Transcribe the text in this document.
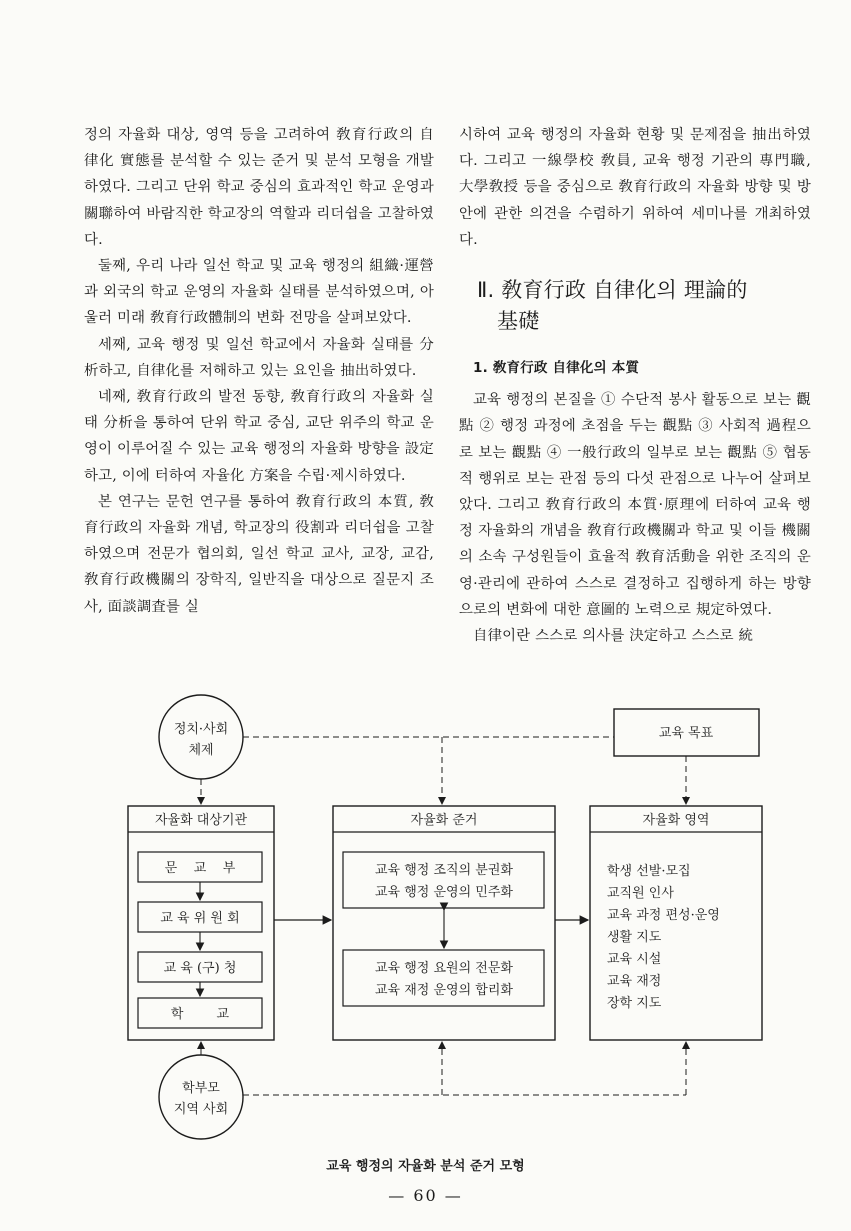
정의 자율화 대상, 영역 등을 고려하여 敎育行政의 自律化 實態를 분석할 수 있는 준거 및 분석 모형을 개발하였다. 그리고 단위 학교 중심의 효과적인 학교 운영과 關聯하여 바람직한 학교장의 역할과 리더쉽을 고찰하였다.

둘째, 우리 나라 일선 학교 및 교육 행정의 組織·運營과 외국의 학교 운영의 자율화 실태를 분석하였으며, 아울러 미래 敎育行政體制의 변화 전망을 살펴보았다.

세째, 교육 행정 및 일선 학교에서 자율화 실태를 分析하고, 自律化를 저해하고 있는 요인을 抽出하였다.

네째, 敎育行政의 발전 동향, 敎育行政의 자율화 실태 分析을 통하여 단위 학교 중심, 교단 위주의 학교 운영이 이루어질 수 있는 교육 행정의 자율화 방향을 設定하고, 이에 터하여 자율化 方案을 수립·제시하였다.

본 연구는 문헌 연구를 통하여 敎育行政의 本質, 敎育行政의 자율화 개념, 학교장의 役割과 리더쉽을 고찰하였으며 전문가 협의회, 일선 학교 교사, 교장, 교감, 敎育行政機關의 장학직, 일반직을 대상으로 질문지 조사, 面談調査를 실

시하여 교육 행정의 자율화 현황 및 문제점을 抽出하였다. 그리고 一線學校 敎員, 교육 행정 기관의 專門職, 大學敎授 등을 중심으로 敎育行政의 자율화 방향 및 방안에 관한 의견을 수렴하기 위하여 세미나를 개최하였다.

Ⅱ. 敎育行政 自律化의 理論的
基礎
1. 敎育行政 自律化의 本質

교육 행정의 본질을 ① 수단적 봉사 활동으로 보는 觀點 ② 행정 과정에 초점을 두는 觀點 ③ 사회적 過程으로 보는 觀點 ④ 一般行政의 일부로 보는 觀點 ⑤ 협동적 행위로 보는 관점 등의 다섯 관점으로 나누어 살펴보았다. 그리고 敎育行政의 本質·原理에 터하여 교육 행정 자율화의 개념을 敎育行政機關과 학교 및 이들 機關의 소속 구성원들이 효율적 敎育活動을 위한 조직의 운영·관리에 관하여 스스로 결정하고 집행하게 하는 방향으로의 변화에 대한 意圖的 노력으로 規定하였다.

自律이란 스스로 의사를 決定하고 스스로 統

정치·사회
체제
교육 목표
자율화 대상기관
문    교    부
교 육 위 원 회
교 육 (구) 청
학        교
자율화 준거
교육 행정 조직의 분권화
교육 행정 운영의 민주화
교육 행정 요원의 전문화
교육 재정 운영의 합리화
자율화 영역
학생 선발·모집
교직원 인사
교육 과정 편성·운영
생활 지도
교육 시설
교육 재정
장학 지도
학부모
지역 사회
교육 행정의 자율화 분석 준거 모형
— 60 —
